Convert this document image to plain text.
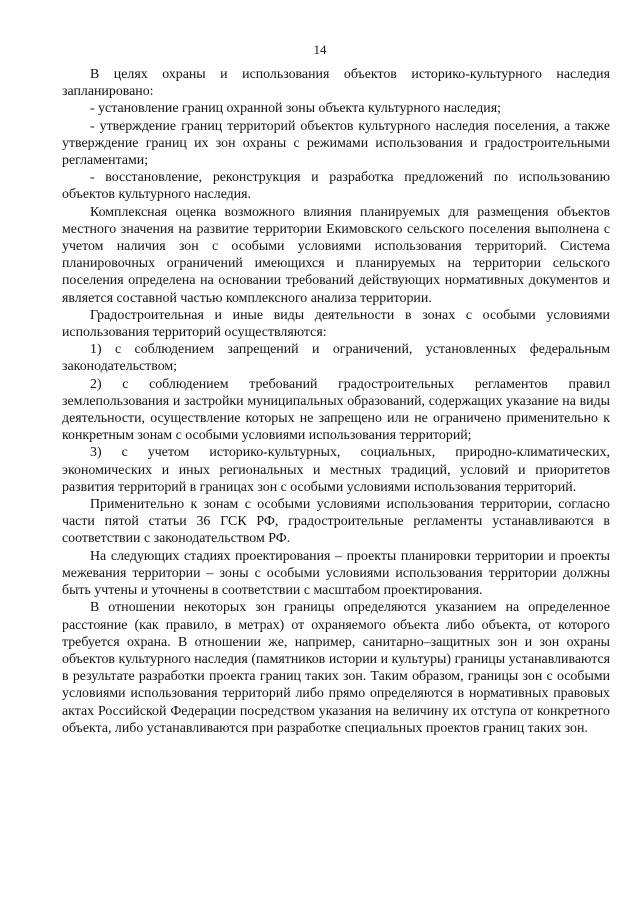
14

В целях охраны и использования объектов историко-культурного наследия запланировано:

- установление границ охранной зоны объекта культурного наследия;

- утверждение границ территорий объектов культурного наследия поселения, а также утверждение границ их зон охраны с режимами использования и градостроительными регламентами;

- восстановление, реконструкция и разработка предложений по использованию объектов культурного наследия.

Комплексная оценка возможного влияния планируемых для размещения объектов местного значения на развитие территории Екимовского сельского поселения выполнена с учетом наличия зон с особыми условиями использования территорий. Система планировочных ограничений имеющихся и планируемых на территории сельского поселения определена на основании требований действующих нормативных документов и является составной частью комплексного анализа территории.

Градостроительная и иные виды деятельности в зонах с особыми условиями использования территорий осуществляются:

1) с соблюдением запрещений и ограничений, установленных федеральным законодательством;

2) с соблюдением требований градостроительных регламентов правил землепользования и застройки муниципальных образований, содержащих указание на виды деятельности, осуществление которых не запрещено или не ограничено применительно к конкретным зонам с особыми условиями использования территорий;

3) с учетом историко-культурных, социальных, природно-климатических, экономических и иных региональных и местных традиций, условий и приоритетов развития территорий в границах зон с особыми условиями использования территорий.

Применительно к зонам с особыми условиями использования территории, согласно части пятой статьи 36 ГСК РФ, градостроительные регламенты устанавливаются в соответствии с законодательством РФ.

На следующих стадиях проектирования – проекты планировки территории и проекты межевания территории – зоны с особыми условиями использования территории должны быть учтены и уточнены в соответствии с масштабом проектирования.

В отношении некоторых зон границы определяются указанием на определенное расстояние (как правило, в метрах) от охраняемого объекта либо объекта, от которого требуется охрана. В отношении же, например, санитарно–защитных зон и зон охраны объектов культурного наследия (памятников истории и культуры) границы устанавливаются в результате разработки проекта границ таких зон. Таким образом, границы зон с особыми условиями использования территорий либо прямо определяются в нормативных правовых актах Российской Федерации посредством указания на величину их отступа от конкретного объекта, либо устанавливаются при разработке специальных проектов границ таких зон.
